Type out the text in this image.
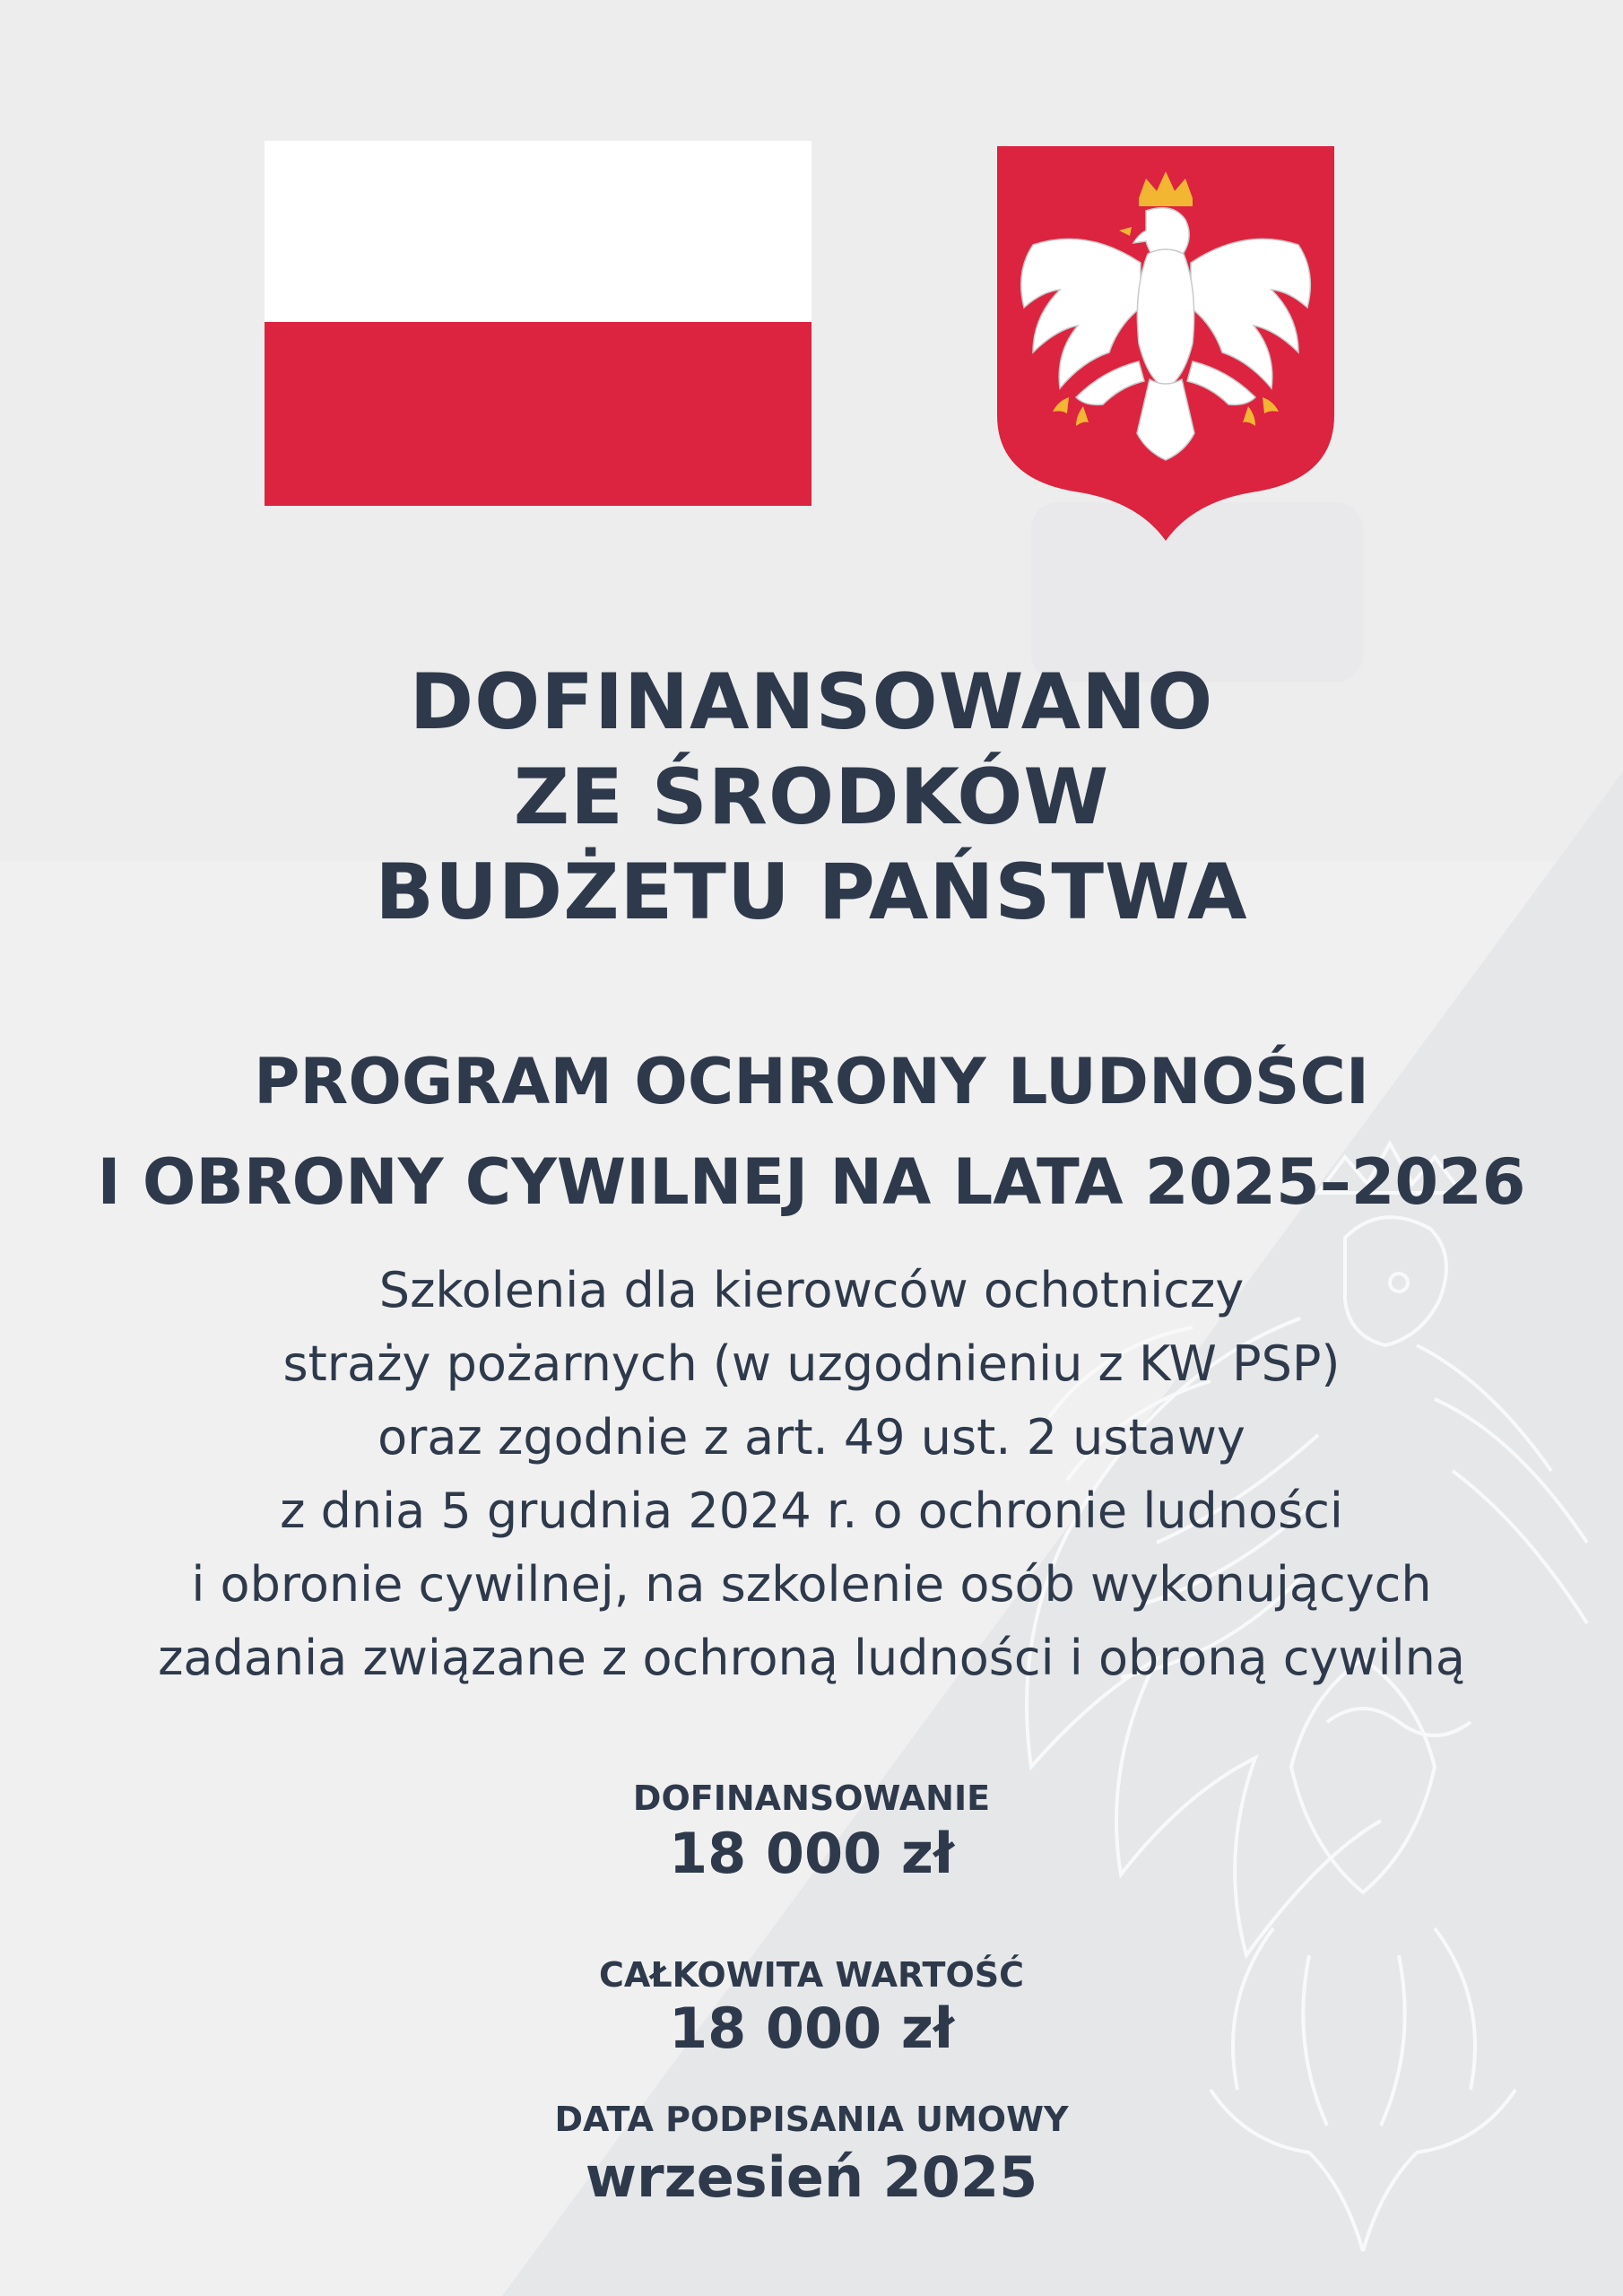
DOFINANSOWANO
ZE ŚRODKÓW
BUDŻETU PAŃSTWA
PROGRAM OCHRONY LUDNOŚCI
I OBRONY CYWILNEJ NA LATA 2025–2026
Szkolenia dla kierowców ochotniczy
straży pożarnych (w uzgodnieniu z KW PSP)
oraz zgodnie z art. 49 ust. 2 ustawy
z dnia 5 grudnia 2024 r. o ochronie ludności
i obronie cywilnej, na szkolenie osób wykonujących
zadania związane z ochroną ludności i obroną cywilną
DOFINANSOWANIE
18 000 zł
CAŁKOWITA WARTOŚĆ
18 000 zł
DATA PODPISANIA UMOWY
wrzesień 2025
